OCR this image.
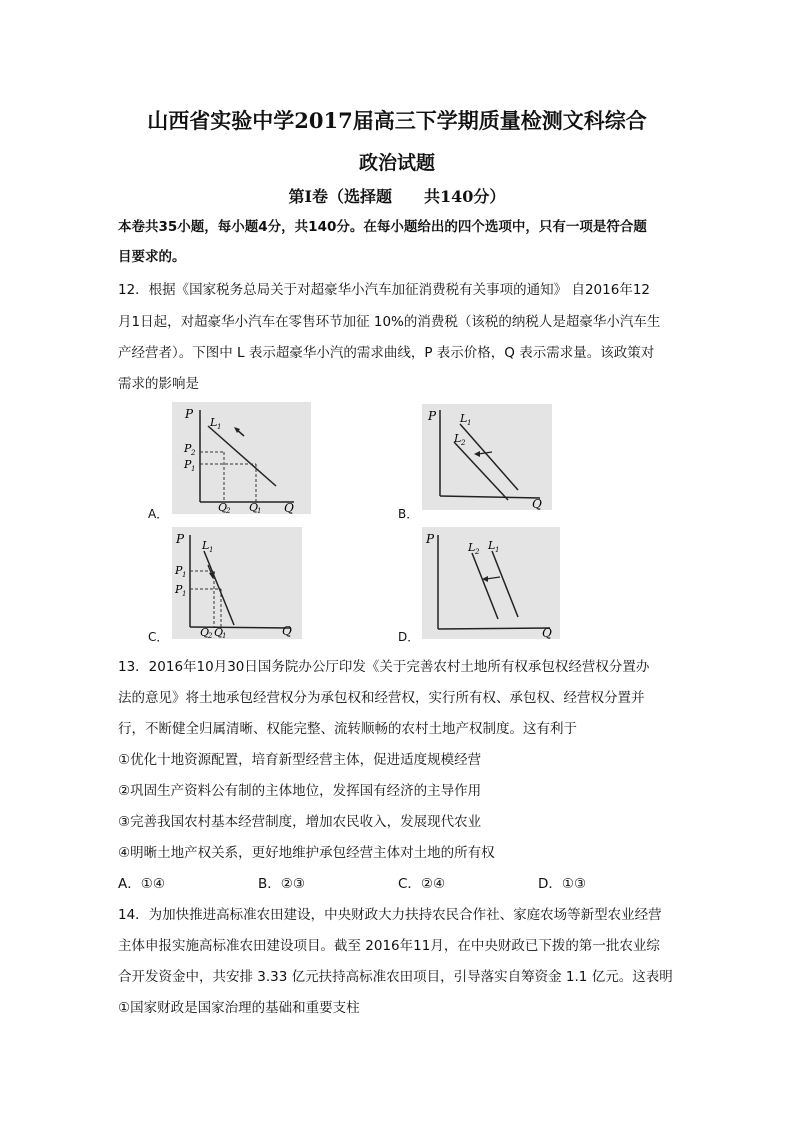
山西省实验中学2017届高三下学期质量检测文科综合
政治试题
第Ⅰ卷（选择题　　共140分）
本卷共35小题，每小题4分，共140分。在每小题给出的四个选项中，只有一项是符合题
目要求的。
12．根据《国家税务总局关于对超豪华小汽车加征消费税有关事项的通知》 自2016年12
月1日起，对超豪华小汽车在零售环节加征 10%的消费税（该税的纳税人是超豪华小汽车生
产经营者）。下图中 L 表示超豪华小汽的需求曲线，P 表示价格，Q 表示需求量。该政策对
需求的影响是
A．	B．
C．	D．
P
Q
L 1
P 2
P 1
Q
2 Q
1
P
Q
L 1
L 2
P
Q
L 1
P 1
P 1
Q
2 Q
1
P
Q
L 2 L 1
13．2016年10月30日国务院办公厅印发《关于完善农村土地所有权承包权经营权分置办
法的意见》将土地承包经营权分为承包权和经营权，实行所有权、承包权、经营权分置并
行，不断健全归属清晰、权能完整、流转顺畅的农村土地产权制度。这有利于
①优化十地资源配置，培育新型经营主体，促进适度规模经营
②巩固生产资料公有制的主体地位，发挥国有经济的主导作用
③完善我国农村基本经营制度，增加农民收入，发展现代农业
④明晰土地产权关系，更好地维护承包经营主体对土地的所有权
A．①④	B．②③	C．②④	D．①③
14．为加快推进高标准农田建设，中央财政大力扶持农民合作社、家庭农场等新型农业经营
主体申报实施高标准农田建设项目。截至 2016年11月，在中央财政已下拨的第一批农业综
合开发资金中，共安排 3.33 亿元扶持高标准农田项目，引导落实自筹资金 1.1 亿元。这表明
①国家财政是国家治理的基础和重要支柱
